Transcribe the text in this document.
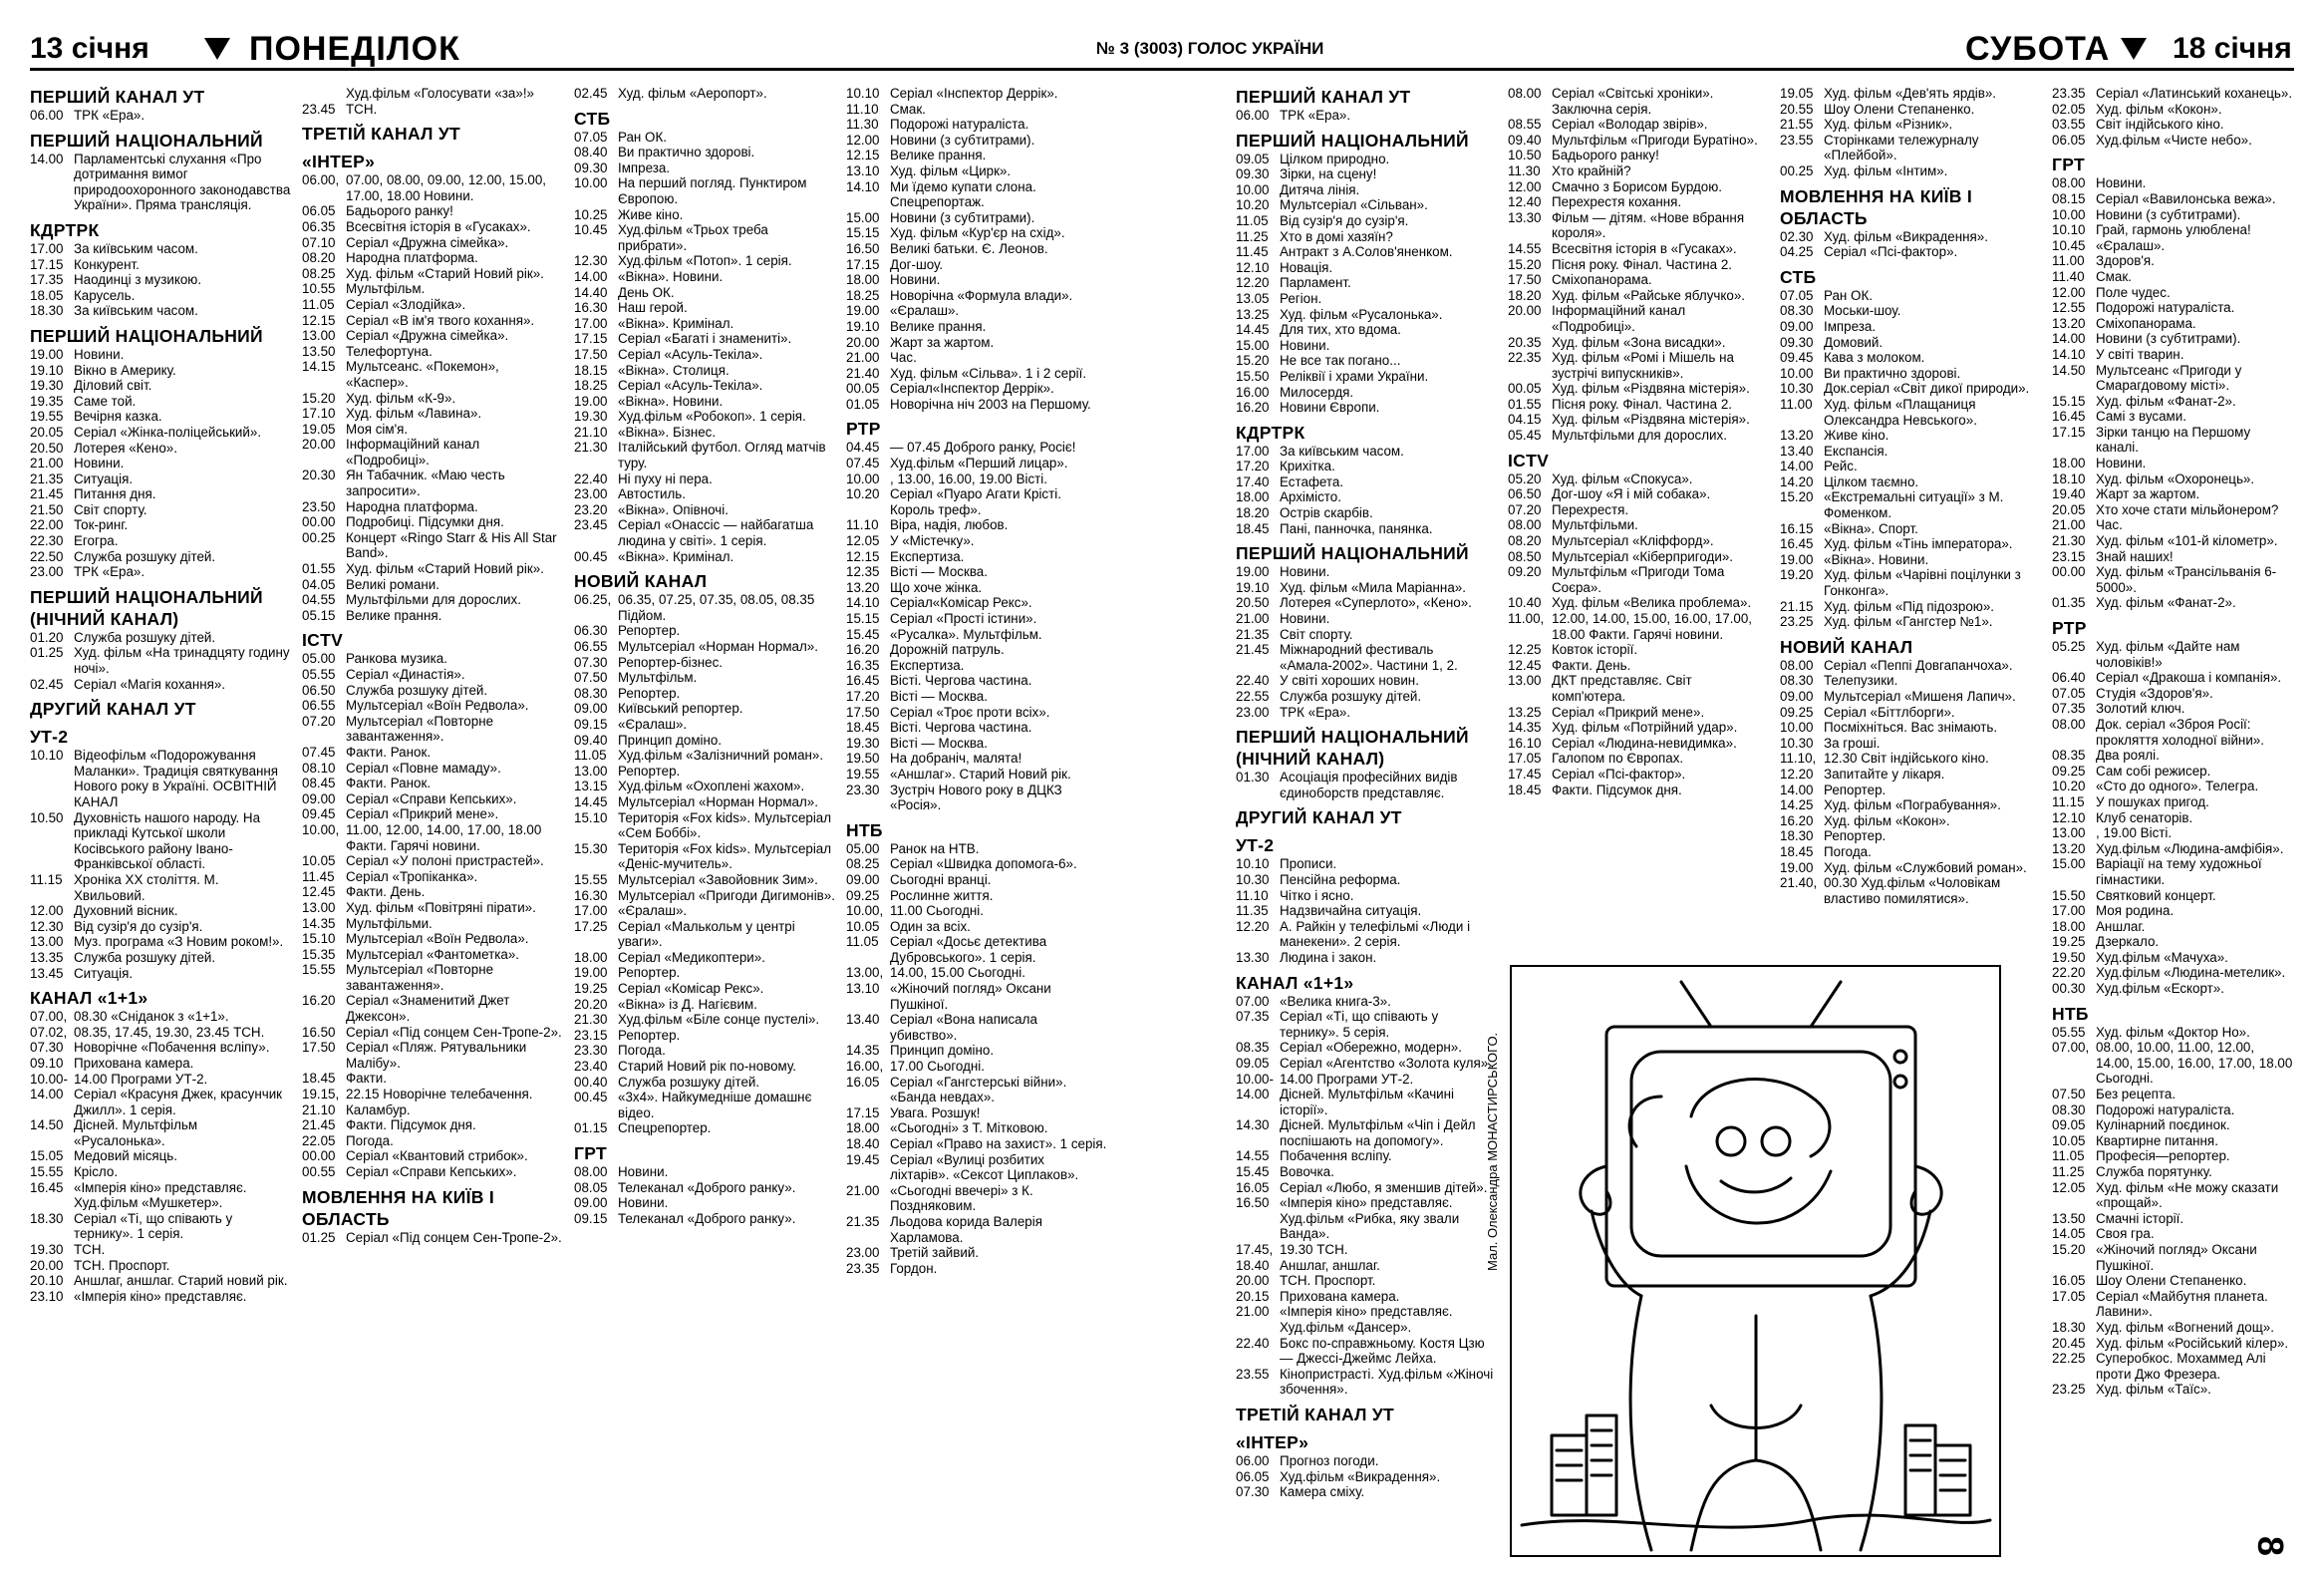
13 січня	ПОНЕДІЛОК	№ 3 (3003) ГОЛОС УКРАЇНИ	СУБОТА 18 січня
ПЕРШИЙ КАНАЛ УТ
06.00 ТРК «Ера».
ПЕРШИЙ НАЦІОНАЛЬНИЙ
14.00 Парламентські слухання «Про дотримання вимог природоохоронного законодавства України». Пряма трансляція.
КДРТРК
17.00 За київським часом.
17.15 Конкурент.
17.35 Наодинці з музикою.
18.05 Карусель.
18.30 За київським часом.
ПЕРШИЙ НАЦІОНАЛЬНИЙ
19.00 Новини.
19.10 Вікно в Америку.
19.30 Діловий світ.
19.35 Саме той.
19.55 Вечірня казка.
20.05 Серіал «Жінка-поліцейський».
20.50 Лотерея «Кено».
21.00 Новини.
21.35 Ситуація.
21.45 Питання дня.
21.50 Світ спорту.
22.00 Ток-ринг.
22.30 Егогра.
22.50 Служба розшуку дітей.
23.00 ТРК «Ера».
ПЕРШИЙ НАЦІОНАЛЬНИЙ (НІЧНИЙ КАНАЛ)
01.20 Служба розшуку дітей.
01.25 Худ. фільм «На тринадцяту годину ночі».
02.45 Серіал «Магія кохання».
ДРУГИЙ КАНАЛ УТ
УТ-2
10.10 Відеофільм «Подорожування Маланки». Традиція святкування Нового року в Україні. ОСВІТНІЙ КАНАЛ
10.50 Духовність нашого народу. На прикладі Кутської школи Косівського району Івано-Франківської області.
11.15 Хроніка XX століття. М. Хвильовий.
12.00 Духовний вісник.
12.30 Від сузір'я до сузір'я.
13.00 Муз. програма «З Новим роком!».
13.35 Служба розшуку дітей.
13.45 Ситуація.
КАНАЛ «1+1»
07.00, 08.30 «Сніданок з «1+1».
07.02, 08.35, 17.45, 19.30, 23.45 ТСН.
07.30 Новорічне «Побачення всліпу».
09.10 Прихована камера.
10.00- 14.00 Програми УТ-2.
14.00 Серіал «Красуня Джек, красунчик Джилл». 1 серія.
14.50 Дісней. Мультфільм «Русалонька».
15.05 Медовий місяць.
15.55 Крісло.
16.45 «Імперія кіно» представляє. Худ.фільм «Мушкетер».
18.30 Серіал «Ті, що співають у тернику». 1 серія.
19.30 ТСН.
20.00 ТСН. Проспорт.
20.10 Аншлаг, аншлаг. Старий новий рік.
23.10 «Імперія кіно» представляє.
Худ.фільм «Голосувати «за»!»
23.45 ТСН.
ТРЕТІЙ КАНАЛ УТ
«ІНТЕР»
06.00, 07.00, 08.00, 09.00, 12.00, 15.00, 17.00, 18.00 Новини.
06.05 Бадьорого ранку!
06.35 Всесвітня історія в «Гусаках».
07.10 Серіал «Дружна сімейка».
08.20 Народна платформа.
08.25 Худ. фільм «Старий Новий рік».
10.55 Мультфільм.
11.05 Серіал «Злодійка».
12.15 Серіал «В ім'я твого кохання».
13.00 Серіал «Дружна сімейка».
13.50 Телефортуна.
14.15 Мультсеанс. «Покемон», «Каспер».
15.20 Худ. фільм «К-9».
17.10 Худ. фільм «Лавина».
19.05 Моя сім'я.
20.00 Інформаційний канал «Подробиці».
20.30 Ян Табачник. «Маю честь запросити».
23.50 Народна платформа.
00.00 Подробиці. Підсумки дня.
00.25 Концерт «Ringo Starr & His All Star Band».
01.55 Худ. фільм «Старий Новий рік».
04.05 Великі романи.
04.55 Мультфільми для дорослих.
05.15 Велике прання.
ICTV
05.00 Ранкова музика.
05.55 Серіал «Династія».
06.50 Служба розшуку дітей.
06.55 Мультсеріал «Воїн Редвола».
07.20 Мультсеріал «Повторне завантаження».
07.45 Факти. Ранок.
08.10 Серіал «Повне мамаду».
08.45 Факти. Ранок.
09.00 Серіал «Справи Кепських».
09.45 Серіал «Прикрий мене».
10.00, 11.00, 12.00, 14.00, 17.00, 18.00 Факти. Гарячі новини.
10.05 Серіал «У полоні пристрастей».
11.45 Серіал «Тропіканка».
12.45 Факти. День.
13.00 Худ. фільм «Повітряні пірати».
14.35 Мультфільми.
15.10 Мультсеріал «Воїн Редвола».
15.35 Мультсеріал «Фантометка».
15.55 Мультсеріал «Повторне завантаження».
16.20 Серіал «Знаменитий Джет Джексон».
16.50 Серіал «Під сонцем Сен-Тропе-2».
17.50 Серіал «Пляж. Рятувальники Малібу».
18.45 Факти.
19.15, 22.15 Новорічне телебачення.
21.10 Каламбур.
21.45 Факти. Підсумок дня.
22.05 Погода.
00.00 Серіал «Квантовий стрибок».
00.55 Серіал «Справи Кепських».
МОВЛЕННЯ НА КИЇВ І ОБЛАСТЬ
01.25 Серіал «Під сонцем Сен-Тропе-2».
02.45 Худ. фільм «Аеропорт».
СТБ
07.05 Ран ОК.
08.40 Ви практично здорові.
09.30 Імпреза.
10.00 На перший погляд. Пунктиром Європою.
10.25 Живе кіно.
10.45 Худ.фільм «Трьох треба прибрати».
12.30 Худ.фільм «Потоп». 1 серія.
14.00 «Вікна». Новини.
14.40 День ОК.
16.30 Наш герой.
17.00 «Вікна». Кримінал.
17.15 Серіал «Багаті і знамениті».
17.50 Серіал «Асуль-Текіла».
18.15 «Вікна». Столиця.
18.25 Серіал «Асуль-Текіла».
19.00 «Вікна». Новини.
19.30 Худ.фільм «Робокоп». 1 серія.
21.10 «Вікна». Бізнес.
21.30 Італійський футбол. Огляд матчів туру.
22.40 Ні пуху ні пера.
23.00 Автостиль.
23.20 «Вікна». Опівночі.
23.45 Серіал «Онассіс — найбагатша людина у світі». 1 серія.
00.45 «Вікна». Кримінал.
НОВИЙ КАНАЛ
06.25, 06.35, 07.25, 07.35, 08.05, 08.35 Підйом.
06.30 Репортер.
06.55 Мультсеріал «Норман Нормал».
07.30 Репортер-бізнес.
07.50 Мультфільм.
08.30 Репортер.
09.00 Київський репортер.
09.15 «Єралаш».
09.40 Принцип доміно.
11.05 Худ.фільм «Залізничний роман».
13.00 Репортер.
13.15 Худ.фільм «Охоплені жахом».
14.45 Мультсеріал «Норман Нормал».
15.10 Територія «Fox kids». Мультсеріал «Сем Боббі».
15.30 Територія «Fox kids». Мультсеріал «Деніс-мучитель».
15.55 Мультсеріал «Завойовник Зим».
16.30 Мультсеріал «Пригоди Дигимонів».
17.00 «Єралаш».
17.25 Серіал «Малькольм у центрі уваги».
18.00 Серіал «Медикоптери».
19.00 Репортер.
19.25 Серіал «Комісар Рекс».
20.20 «Вікна» із Д. Нагієвим.
21.30 Худ.фільм «Біле сонце пустелі».
23.15 Репортер.
23.30 Погода.
23.40 Старий Новий рік по-новому.
00.40 Служба розшуку дітей.
00.45 «3х4». Найкумедніше домашнє відео.
01.15 Спецрепортер.
ГРТ
08.00 Новини.
08.05 Телеканал «Доброго ранку».
09.00 Новини.
09.15 Телеканал «Доброго ранку».
10.10 Серіал «Інспектор Деррік».
11.10 Смак.
11.30 Подорожі натураліста.
12.00 Новини (з субтитрами).
12.15 Велике прання.
13.10 Худ. фільм «Цирк».
14.10 Ми їдемо купати слона. Спецрепортаж.
15.00 Новини (з субтитрами).
15.15 Худ. фільм «Кур'єр на схід».
16.50 Великі батьки. Є. Леонов.
17.15 Дог-шоу.
18.00 Новини.
18.25 Новорічна «Формула влади».
19.00 «Єралаш».
19.10 Велике прання.
20.00 Жарт за жартом.
21.00 Час.
21.40 Худ. фільм «Сільва». 1 і 2 серії.
00.05 Серіал«Інспектор Деррік».
01.05 Новорічна ніч 2003 на Першому.
РТР
04.45 — 07.45 Доброго ранку, Росіє!
07.45 Худ.фільм «Перший лицар».
10.00 , 13.00, 16.00, 19.00 Вісті.
10.20 Серіал «Пуаро Агати Крісті. Король треф».
11.10 Віра, надія, любов.
12.05 У «Містечку».
12.15 Експертиза.
12.35 Вісті — Москва.
13.20 Що хоче жінка.
14.10 Серіал«Комісар Рекс».
15.15 Серіал «Прості істини».
15.45 «Русалка». Мультфільм.
16.20 Дорожній патруль.
16.35 Експертиза.
16.45 Вісті. Чергова частина.
17.20 Вісті — Москва.
17.50 Серіал «Троє проти всіх».
18.45 Вісті. Чергова частина.
19.30 Вісті — Москва.
19.50 На добраніч, малята!
19.55 «Аншлаг». Старий Новий рік.
23.30 Зустріч Нового року в ДЦКЗ «Росія».
НТБ
05.00 Ранок на НТВ.
08.25 Серіал «Швидка допомога-6».
09.00 Сьогодні вранці.
09.25 Рослинне життя.
10.00, 11.00 Сьогодні.
10.05 Один за всіх.
11.05 Серіал «Досьє детектива Дубровського». 1 серія.
13.00, 14.00, 15.00 Сьогодні.
13.10 «Жіночий погляд» Оксани Пушкіної.
13.40 Серіал «Вона написала убивство».
14.35 Принцип доміно.
16.00, 17.00 Сьогодні.
16.05 Серіал «Гангстерські війни». «Банда невдах».
17.15 Увага. Розшук!
18.00 «Сьогодні» з Т. Мітковою.
18.40 Серіал «Право на захист». 1 серія.
19.45 Серіал «Вулиці розбитих ліхтарів». «Сексот Циплаков».
21.00 «Сьогодні ввечері» з К. Поздняковим.
21.35 Льодова корида Валерія Харламова.
23.00 Третій зайвий.
23.35 Гордон.
ПЕРШИЙ КАНАЛ УТ
06.00 ТРК «Ера».
ПЕРШИЙ НАЦІОНАЛЬНИЙ
09.05 Цілком природно.
09.30 Зірки, на сцену!
10.00 Дитяча лінія.
10.20 Мультсеріал «Сільван».
11.05 Від сузір'я до сузір'я.
11.25 Хто в домі хазяїн?
11.45 Антракт з А.Солов'яненком.
12.10 Новація.
12.20 Парламент.
13.05 Регіон.
13.25 Худ. фільм «Русалонька».
14.45 Для тих, хто вдома.
15.00 Новини.
15.20 Не все так погано...
15.50 Реліквії і храми України.
16.00 Милосердя.
16.20 Новини Європи.
КДРТРК
17.00 За київським часом.
17.20 Крихітка.
17.40 Естафета.
18.00 Архімісто.
18.20 Острів скарбів.
18.45 Пані, панночка, панянка.
ПЕРШИЙ НАЦІОНАЛЬНИЙ
19.00 Новини.
19.10 Худ. фільм «Мила Маріанна».
20.50 Лотерея «Суперлото», «Кено».
21.00 Новини.
21.35 Світ спорту.
21.45 Міжнародний фестиваль «Амала-2002». Частини 1, 2.
22.40 У світі хороших новин.
22.55 Служба розшуку дітей.
23.00 ТРК «Ера».
ПЕРШИЙ НАЦІОНАЛЬНИЙ (НІЧНИЙ КАНАЛ)
01.30 Асоціація професійних видів єдиноборств представляє.
ДРУГИЙ КАНАЛ УТ
УТ-2
10.10 Прописи.
10.30 Пенсійна реформа.
11.10 Чітко і ясно.
11.35 Надзвичайна ситуація.
12.20 А. Райкін у телефільмі «Люди і манекени». 2 серія.
13.30 Людина і закон.
КАНАЛ «1+1»
07.00 «Велика книга-3».
07.35 Серіал «Ті, що співають у тернику». 5 серія.
08.35 Серіал «Обережно, модерн».
09.05 Серіал «Агентство «Золота куля».
10.00- 14.00 Програми УТ-2.
14.00 Дісней. Мультфільм «Качині історії».
14.30 Дісней. Мультфільм «Чіп і Дейл поспішають на допомогу».
14.55 Побачення всліпу.
15.45 Вовочка.
16.05 Серіал «Любо, я зменшив дітей».
16.50 «Імперія кіно» представляє. Худ.фільм «Рибка, яку звали Ванда».
17.45, 19.30 ТСН.
18.40 Аншлаг, аншлаг.
20.00 ТСН. Проспорт.
20.15 Прихована камера.
21.00 «Імперія кіно» представляє. Худ.фільм «Дансер».
22.40 Бокс по-справжньому. Костя Цзю — Джессі-Джеймс Лейха.
23.55 Кінопристрасті. Худ.фільм «Жіночі збочення».
ТРЕТІЙ КАНАЛ УТ
«ІНТЕР»
06.00 Прогноз погоди.
06.05 Худ.фільм «Викрадення».
07.30 Камера сміху.
08.00 Серіал «Світські хроніки». Заключна серія.
08.55 Серіал «Володар звірів».
09.40 Мультфільм «Пригоди Буратіно».
10.50 Бадьорого ранку!
11.30 Хто крайній?
12.00 Смачно з Борисом Бурдою.
12.40 Перехрестя кохання.
13.30 Фільм — дітям. «Нове вбрання короля».
14.55 Всесвітня історія в «Гусаках».
15.20 Пісня року. Фінал. Частина 2.
17.50 Сміхопанорама.
18.20 Худ. фільм «Райське яблучко».
20.00 Інформаційний канал «Подробиці».
20.35 Худ. фільм «Зона висадки».
22.35 Худ. фільм «Ромі і Мішель на зустрічі випускників».
00.05 Худ. фільм «Різдвяна містерія».
01.55 Пісня року. Фінал. Частина 2.
04.15 Худ. фільм «Різдвяна містерія».
05.45 Мультфільми для дорослих.
ICTV
05.20 Худ. фільм «Спокуса».
06.50 Дог-шоу «Я і мій собака».
07.20 Перехрестя.
08.00 Мультфільми.
08.20 Мультсеріал «Кліффорд».
08.50 Мультсеріал «Кіберпригоди».
09.20 Мультфільм «Пригоди Тома Соєра».
10.40 Худ. фільм «Велика проблема».
11.00, 12.00, 14.00, 15.00, 16.00, 17.00, 18.00 Факти. Гарячі новини.
12.25 Ковток історії.
12.45 Факти. День.
13.00 ДКТ представляє. Світ комп'ютера.
13.25 Серіал «Прикрий мене».
14.35 Худ. фільм «Потрійний удар».
16.10 Серіал «Людина-невидимка».
17.05 Галопом по Європах.
17.45 Серіал «Псі-фактор».
18.45 Факти. Підсумок дня.
19.05 Худ. фільм «Дев'ять ярдів».
20.55 Шоу Олени Степаненко.
21.55 Худ. фільм «Різник».
23.55 Сторінками тележурналу «Плейбой».
00.25 Худ. фільм «Інтим».
МОВЛЕННЯ НА КИЇВ І ОБЛАСТЬ
02.30 Худ. фільм «Викрадення».
04.25 Серіал «Псі-фактор».
СТБ
07.05 Ран ОК.
08.30 Моськи-шоу.
09.00 Імпреза.
09.30 Домовий.
09.45 Кава з молоком.
10.00 Ви практично здорові.
10.30 Док.серіал «Світ дикої природи».
11.00 Худ. фільм «Плащаниця Олександра Невського».
13.20 Живе кіно.
13.40 Експансія.
14.00 Рейс.
14.20 Цілком таємно.
15.20 «Екстремальні ситуації» з М. Фоменком.
16.15 «Вікна». Спорт.
16.45 Худ. фільм «Тінь імператора».
19.00 «Вікна». Новини.
19.20 Худ. фільм «Чарівні поцілунки з Гонконга».
21.15 Худ. фільм «Під підозрою».
23.25 Худ. фільм «Гангстер №1».
НОВИЙ КАНАЛ
08.00 Серіал «Пеппі Довгапанчоха».
08.30 Телепузики.
09.00 Мультсеріал «Мишеня Лапич».
09.25 Серіал «Біттлборги».
10.00 Посміхніться. Вас знімають.
10.30 За гроші.
11.10, 12.30 Світ індійського кіно.
12.20 Запитайте у лікаря.
14.00 Репортер.
14.25 Худ. фільм «Пограбування».
16.20 Худ. фільм «Кокон».
18.30 Репортер.
18.45 Погода.
19.00 Худ. фільм «Службовий роман».
21.40, 00.30 Худ.фільм «Чоловікам властиво помилятися».
23.35 Серіал «Латинський коханець».
02.05 Худ. фільм «Кокон».
03.55 Світ індійського кіно.
06.05 Худ.фільм «Чисте небо».
ГРТ
08.00 Новини.
08.15 Серіал «Вавилонська вежа».
10.00 Новини (з субтитрами).
10.10 Грай, гармонь улюблена!
10.45 «Єралаш».
11.00 Здоров'я.
11.40 Смак.
12.00 Поле чудес.
12.55 Подорожі натураліста.
13.20 Сміхопанорама.
14.00 Новини (з субтитрами).
14.10 У світі тварин.
14.50 Мультсеанс «Пригоди у Смарагдовому місті».
15.15 Худ. фільм «Фанат-2».
16.45 Самі з вусами.
17.15 Зірки танцю на Першому каналі.
18.00 Новини.
18.10 Худ. фільм «Охоронець».
19.40 Жарт за жартом.
20.05 Хто хоче стати мільйонером?
21.00 Час.
21.30 Худ. фільм «101-й кілометр».
23.15 Знай наших!
00.00 Худ. фільм «Трансільванія 6-5000».
01.35 Худ. фільм «Фанат-2».
РТР
05.25 Худ. фільм «Дайте нам чоловіків!»
06.40 Серіал «Дракоша і компанія».
07.05 Студія «Здоров'я».
07.35 Золотий ключ.
08.00 Док. серіал «Зброя Росії: прокляття холодної війни».
08.35 Два роялі.
09.25 Сам собі режисер.
10.20 «Сто до одного». Телегра.
11.15 У пошуках пригод.
12.10 Клуб сенаторів.
13.00 , 19.00 Вісті.
13.20 Худ.фільм «Людина-амфібія».
15.00 Варіації на тему художньої гімнастики.
15.50 Святковий концерт.
17.00 Моя родина.
18.00 Аншлаг.
19.25 Дзеркало.
19.50 Худ.фільм «Мачуха».
22.20 Худ.фільм «Людина-метелик».
00.30 Худ.фільм «Ескорт».
НТБ
05.55 Худ. фільм «Доктор Но».
07.00, 08.00, 10.00, 11.00, 12.00, 14.00, 15.00, 16.00, 17.00, 18.00 Сьогодні.
07.50 Без рецепта.
08.30 Подорожі натураліста.
09.05 Кулінарний поєдинок.
10.05 Квартирне питання.
11.05 Професія—репортер.
11.25 Служба порятунку.
12.05 Худ. фільм «Не можу сказати «прощай».
13.50 Смачні історії.
14.05 Своя гра.
15.20 «Жіночий погляд» Оксани Пушкіної.
16.05 Шоу Олени Степаненко.
17.05 Серіал «Майбутня планета. Лавини».
18.30 Худ. фільм «Вогнений дощ».
20.45 Худ. фільм «Російський кілер».
22.25 Суперобкос. Мохаммед Алі проти Джо Фрезера.
23.25 Худ. фільм «Таїс».
Мал. Олександра МОНАСТИРСЬКОГО.
8
